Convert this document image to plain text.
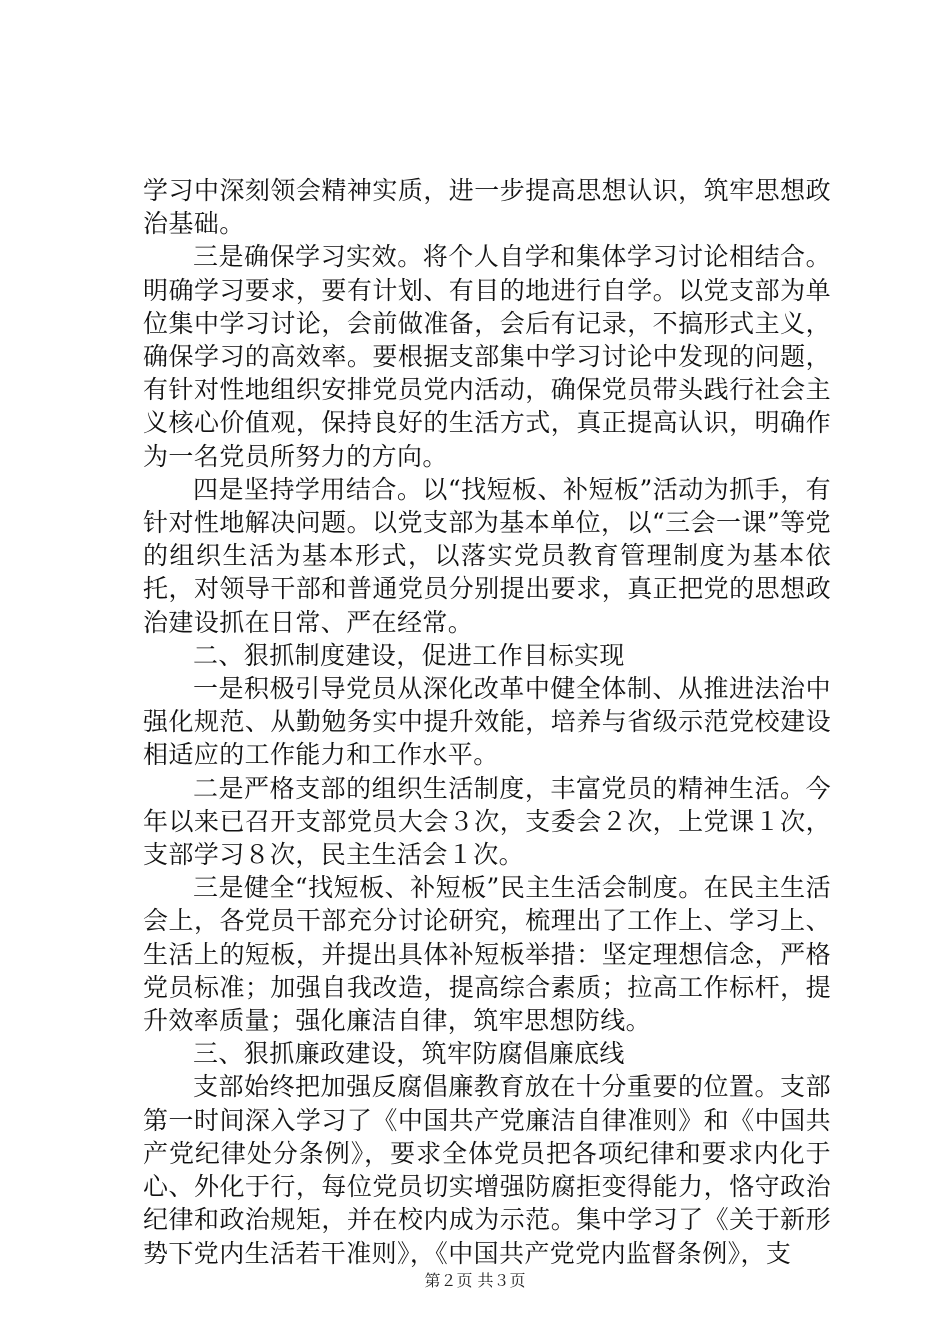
学习中深刻领会精神实质，进一步提高思想认识，筑牢思想政治基础。

三是确保学习实效。将个人自学和集体学习讨论相结合。明确学习要求，要有计划、有目的地进行自学。以党支部为单位集中学习讨论，会前做准备，会后有记录，不搞形式主义，确保学习的高效率。要根据支部集中学习讨论中发现的问题，有针对性地组织安排党员党内活动，确保党员带头践行社会主义核心价值观，保持良好的生活方式，真正提高认识，明确作为一名党员所努力的方向。

四是坚持学用结合。以“找短板、补短板”活动为抓手，有针对性地解决问题。以党支部为基本单位，以“三会一课”等党的组织生活为基本形式，以落实党员教育管理制度为基本依托，对领导干部和普通党员分别提出要求，真正把党的思想政治建设抓在日常、严在经常。

二、狠抓制度建设，促进工作目标实现

一是积极引导党员从深化改革中健全体制、从推进法治中强化规范、从勤勉务实中提升效能，培养与省级示范党校建设相适应的工作能力和工作水平。

二是严格支部的组织生活制度，丰富党员的精神生活。今年以来已召开支部党员大会３次，支委会２次，上党课１次，支部学习８次，民主生活会１次。

三是健全“找短板、补短板”民主生活会制度。在民主生活会上，各党员干部充分讨论研究，梳理出了工作上、学习上、生活上的短板，并提出具体补短板举措：坚定理想信念，严格党员标准；加强自我改造，提高综合素质；拉高工作标杆，提升效率质量；强化廉洁自律，筑牢思想防线。

三、狠抓廉政建设，筑牢防腐倡廉底线

支部始终把加强反腐倡廉教育放在十分重要的位置。支部第一时间深入学习了《中国共产党廉洁自律准则》和《中国共产党纪律处分条例》，要求全体党员把各项纪律和要求内化于心、外化于行，每位党员切实增强防腐拒变得能力，恪守政治纪律和政治规矩，并在校内成为示范。集中学习了《关于新形势下党内生活若干准则》，《中国共产党党内监督条例》，支

第２页 共３页
